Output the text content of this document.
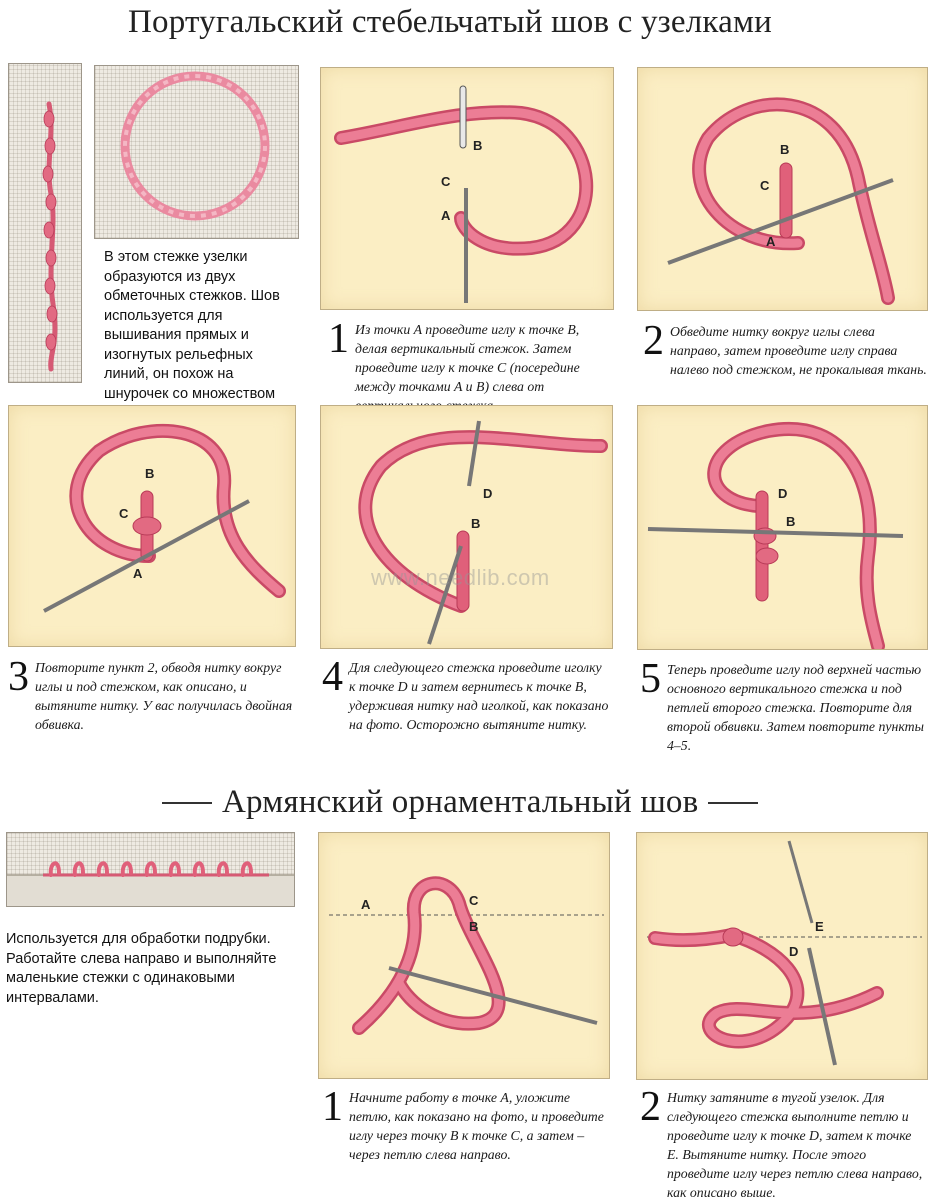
Португальский стебельчатый шов с узелками
В этом стежке узелки образуются из двух обметочных стежков. Шов используется для вышивания прямых и изогнутых рельефных линий, он похож на шнурочек со множеством
B
C
A
B
C
A
1 Из точки A проведите иглу к точке B, делая вертикальный стежок. Затем проведите иглу к точке C (посередине между точками A и B) слева от
2 Обведите нитку вокруг иглы слева направо, затем проведите иглу справа налево под стежком, не прокалывая ткань.
B
C
A
D
B
D
B
www.needlib.com
3 Повторите пункт 2, обводя нитку вокруг иглы и под стежком, как описано, и вытяните нитку. У вас получилась двойная обвивка.
4 Для следующего стежка проведите иголку к точке D и затем вернитесь к точке B, удерживая нитку над иголкой, как показано на фото. Осторожно вытяните нитку.
5 Теперь проведите иглу под верхней частью основного вертикального стежка и под петлей второго стежка. Повторите для второй обвивки. Затем повторите пункты 4–5.
Армянский орнаментальный шов
Используется для обработки подрубки. Работайте слева направо и выполняйте маленькие стежки с одинаковыми интервалами.
A	C
B	E
D
1 Начните работу в точке A, уложите петлю, как показано на фото, и проведите иглу через точку B к точке C, а затем – через петлю слева направо.
2 Нитку затяните в тугой узелок. Для следующего стежка выполните петлю и проведите иглу к точке D, затем к точке E. Вытяните нитку. После этого проведите иглу через петлю слева направо, как описано выше.
